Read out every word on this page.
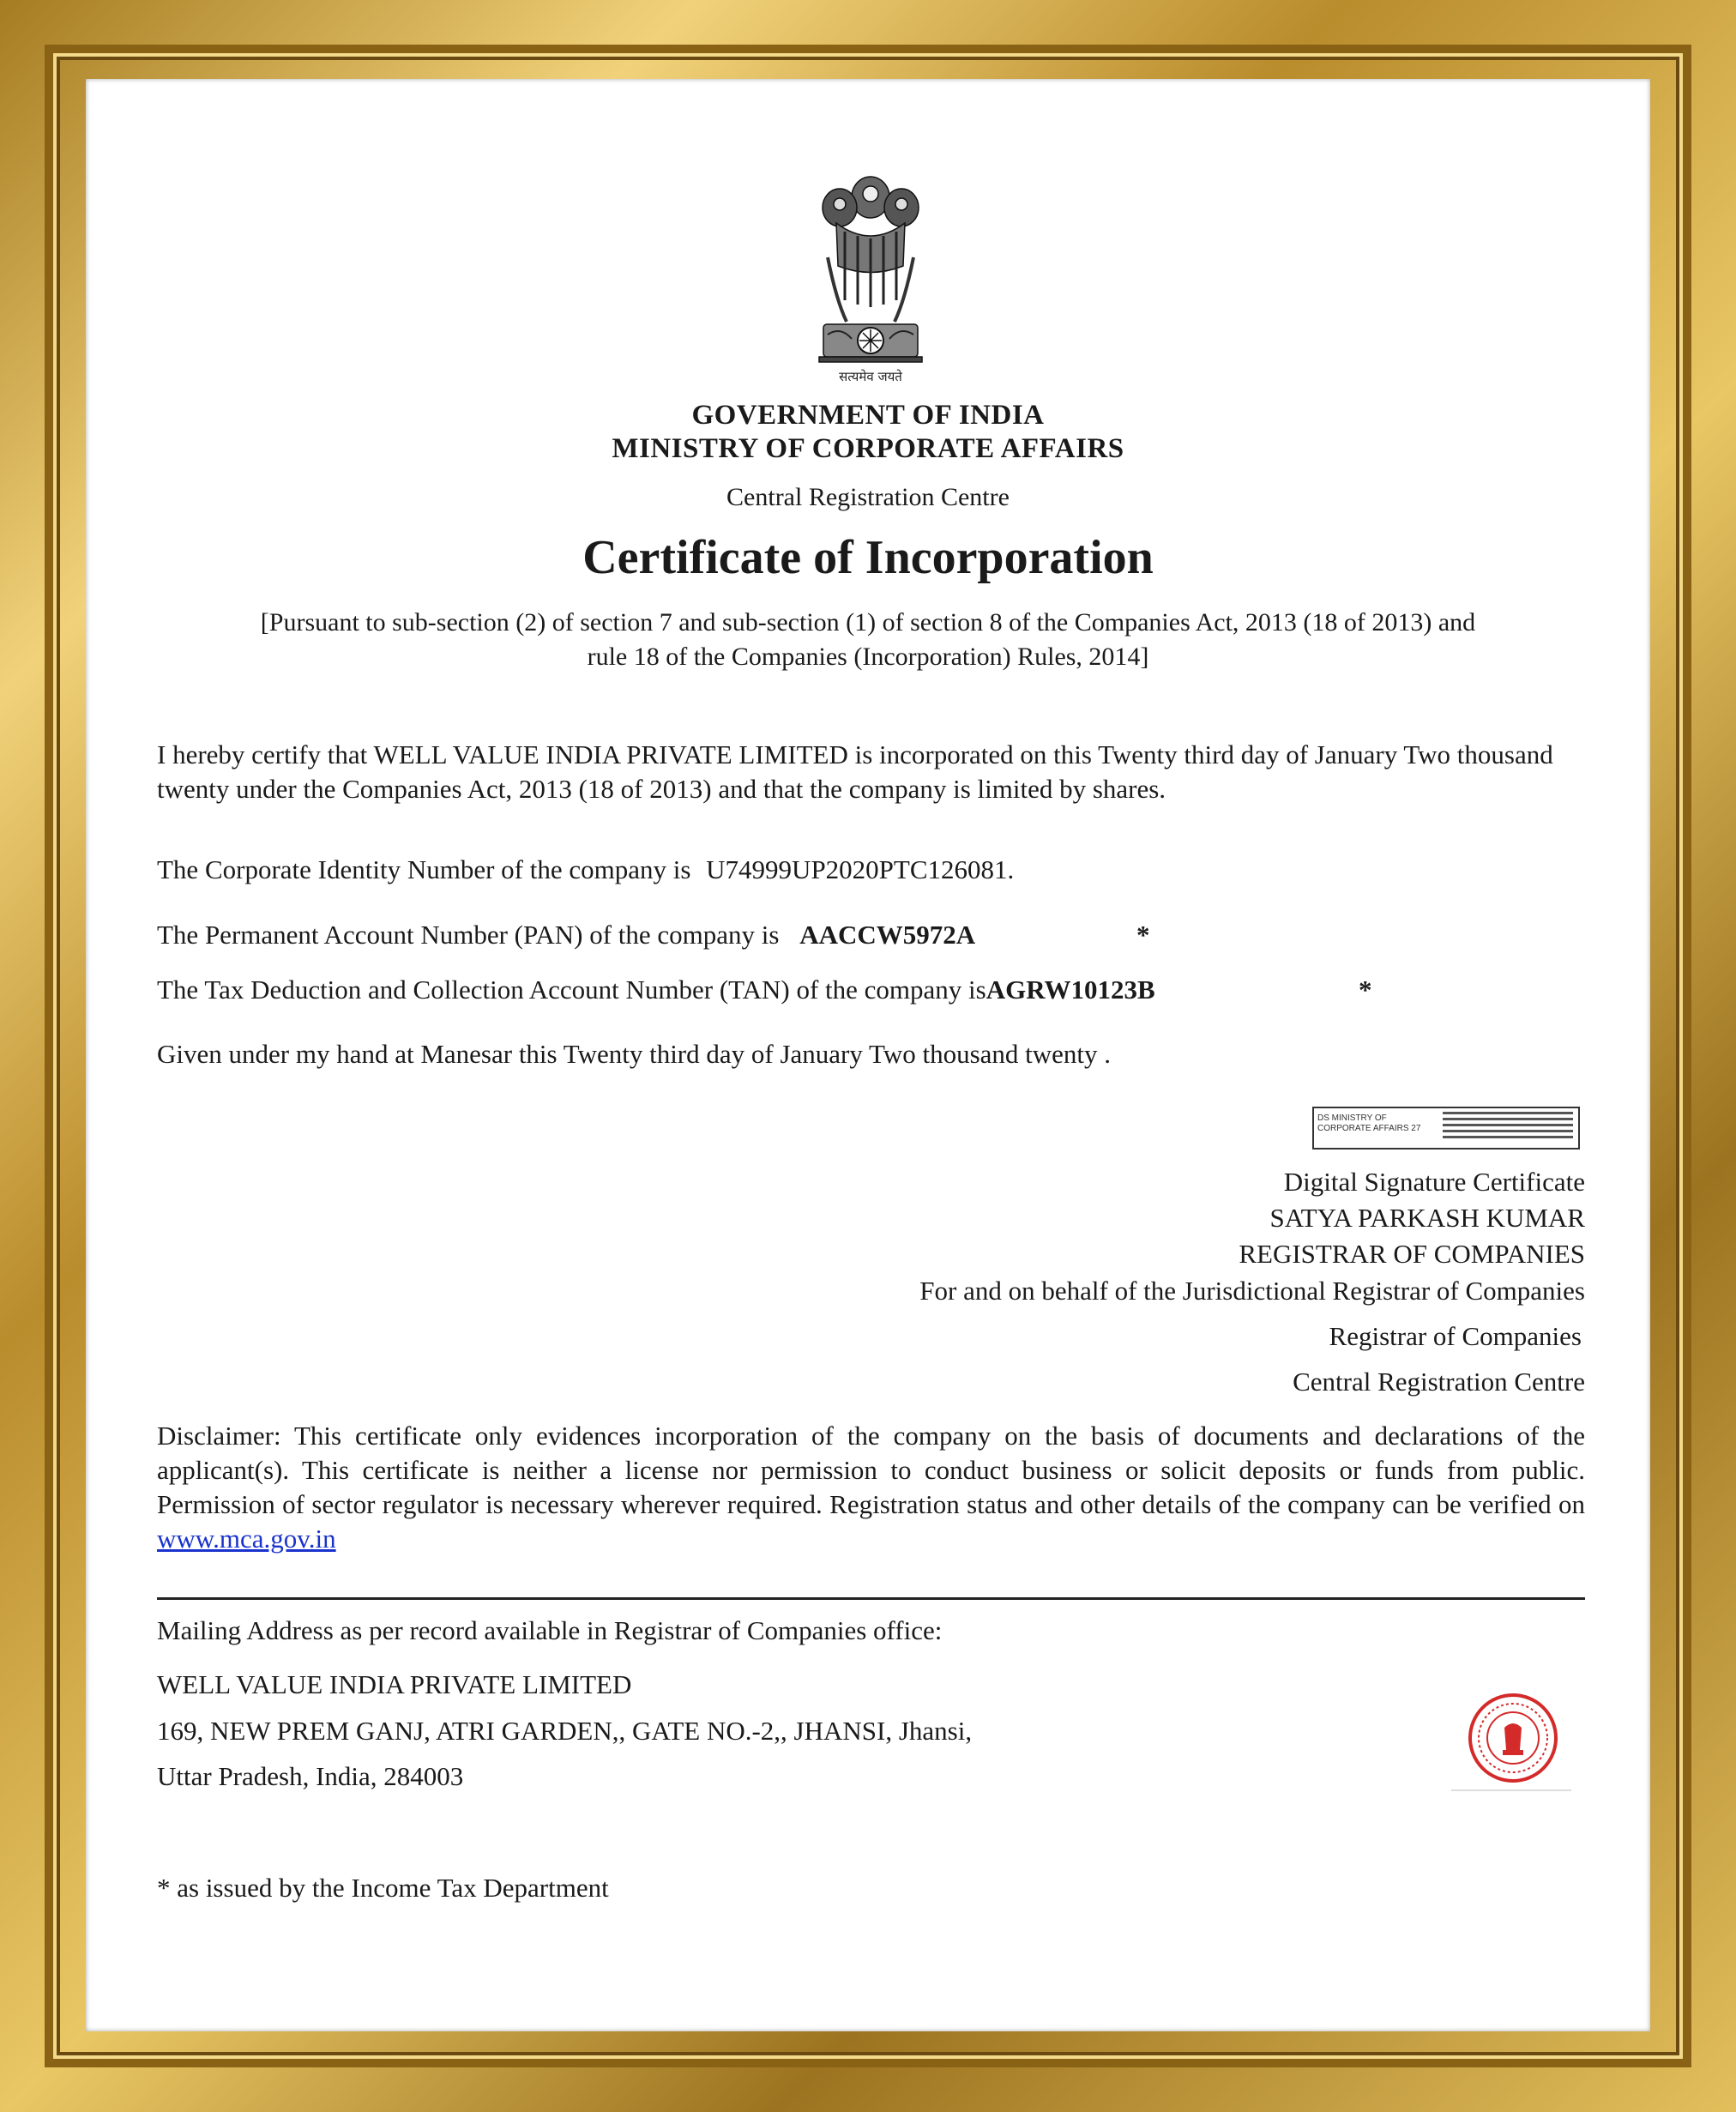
सत्यमेव जयते
GOVERNMENT OF INDIA
MINISTRY OF CORPORATE AFFAIRS
Central Registration Centre
Certificate of Incorporation
[Pursuant to sub-section (2) of section 7 and sub-section (1) of section 8 of the Companies Act, 2013 (18 of 2013) and
rule 18 of the Companies (Incorporation) Rules, 2014]
I hereby certify that WELL VALUE INDIA PRIVATE LIMITED is incorporated on this Twenty third day of January Two thousand twenty under the Companies Act, 2013 (18 of 2013) and that the company is limited by shares.
The Corporate Identity Number of the company is U74999UP2020PTC126081.
The Permanent Account Number (PAN) of the company is AACCW5972A	*
The Tax Deduction and Collection Account Number (TAN) of the company isAGRW10123B	*
Given under my hand at Manesar this Twenty third day of January Two thousand twenty .
DS MINISTRY OF
CORPORATE AFFAIRS 27
Digital Signature Certificate
SATYA PARKASH KUMAR
REGISTRAR OF COMPANIES
For and on behalf of the Jurisdictional Registrar of Companies
Registrar of Companies
Central Registration Centre
Disclaimer: This certificate only evidences incorporation of the company on the basis of documents and declarations of the applicant(s). This certificate is neither a license nor permission to conduct business or solicit deposits or funds from public. Permission of sector regulator is necessary wherever required. Registration status and other details of the company can be verified on www.mca.gov.in
Mailing Address as per record available in Registrar of Companies office:
WELL VALUE INDIA PRIVATE LIMITED
169, NEW PREM GANJ, ATRI GARDEN,, GATE NO.-2,, JHANSI, Jhansi,
Uttar Pradesh, India, 284003
* as issued by the Income Tax Department
